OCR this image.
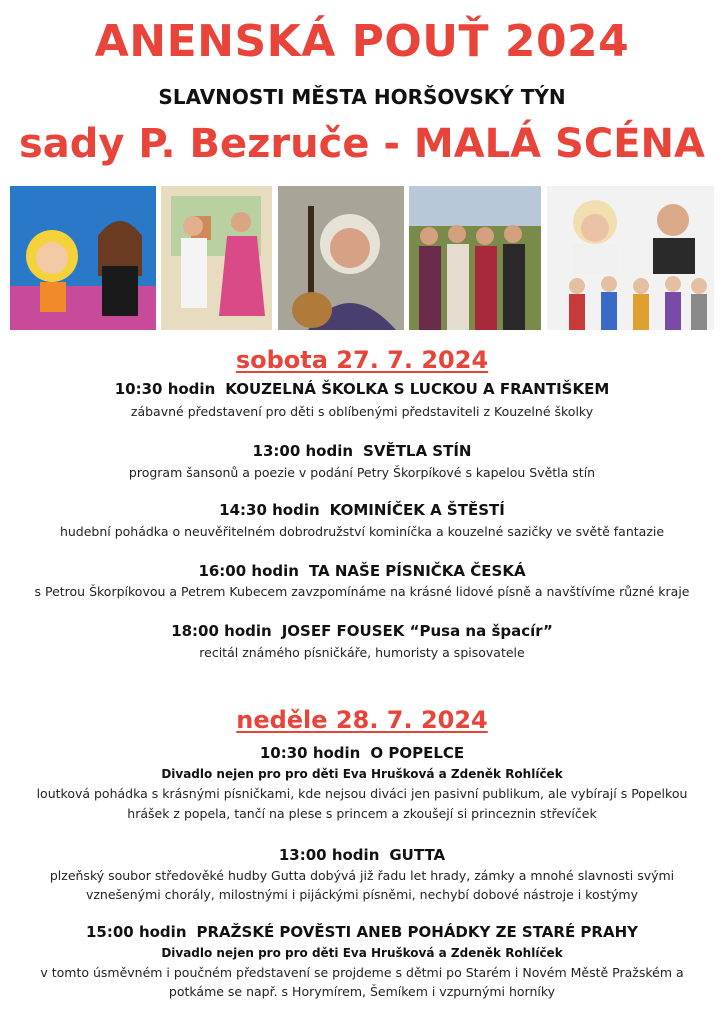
ANENSKÁ POUŤ 2024
SLAVNOSTI MĚSTA HORŠOVSKÝ TÝN
sady P. Bezruče - MALÁ SCÉNA
sobota 27. 7. 2024
10:30 hodin KOUZELNÁ ŠKOLKA S LUCKOU A FRANTIŠKEM
zábavné představení pro děti s oblíbenými představiteli z Kouzelné školky
13:00 hodin SVĚTLA STÍN
program šansonů a poezie v podání Petry Škorpíkové s kapelou Světla stín
14:30 hodin KOMINÍČEK A ŠTĚSTÍ
hudební pohádka o neuvěřitelném dobrodružství kominíčka a kouzelné sazičky ve světě fantazie
16:00 hodin TA NAŠE PÍSNIČKA ČESKÁ
s Petrou Škorpíkovou a Petrem Kubecem zavzpomínáme na krásné lidové písně a navštívíme různé kraje
18:00 hodin JOSEF FOUSEK “Pusa na špacír”
recitál známého písničkáře, humoristy a spisovatele
neděle 28. 7. 2024
10:30 hodin O POPELCE
Divadlo nejen pro pro děti Eva Hrušková a Zdeněk Rohlíček
loutková pohádka s krásnými písničkami, kde nejsou diváci jen pasivní publikum, ale vybírají s Popelkou
hrášek z popela, tančí na plese s princem a zkoušejí si princeznin střevíček
13:00 hodin GUTTA
plzeňský soubor středověké hudby Gutta dobývá již řadu let hrady, zámky a mnohé slavnosti svými
vznešenými chorály, milostnými i pijáckými písněmi, nechybí dobové nástroje i kostýmy
15:00 hodin PRAŽSKÉ POVĚSTI ANEB POHÁDKY ZE STARÉ PRAHY
Divadlo nejen pro pro děti Eva Hrušková a Zdeněk Rohlíček
v tomto úsměvném i poučném představení se projdeme s dětmi po Starém i Novém Městě Pražském a
potkáme se např. s Horymírem, Šemíkem i vzpurnými horníky
